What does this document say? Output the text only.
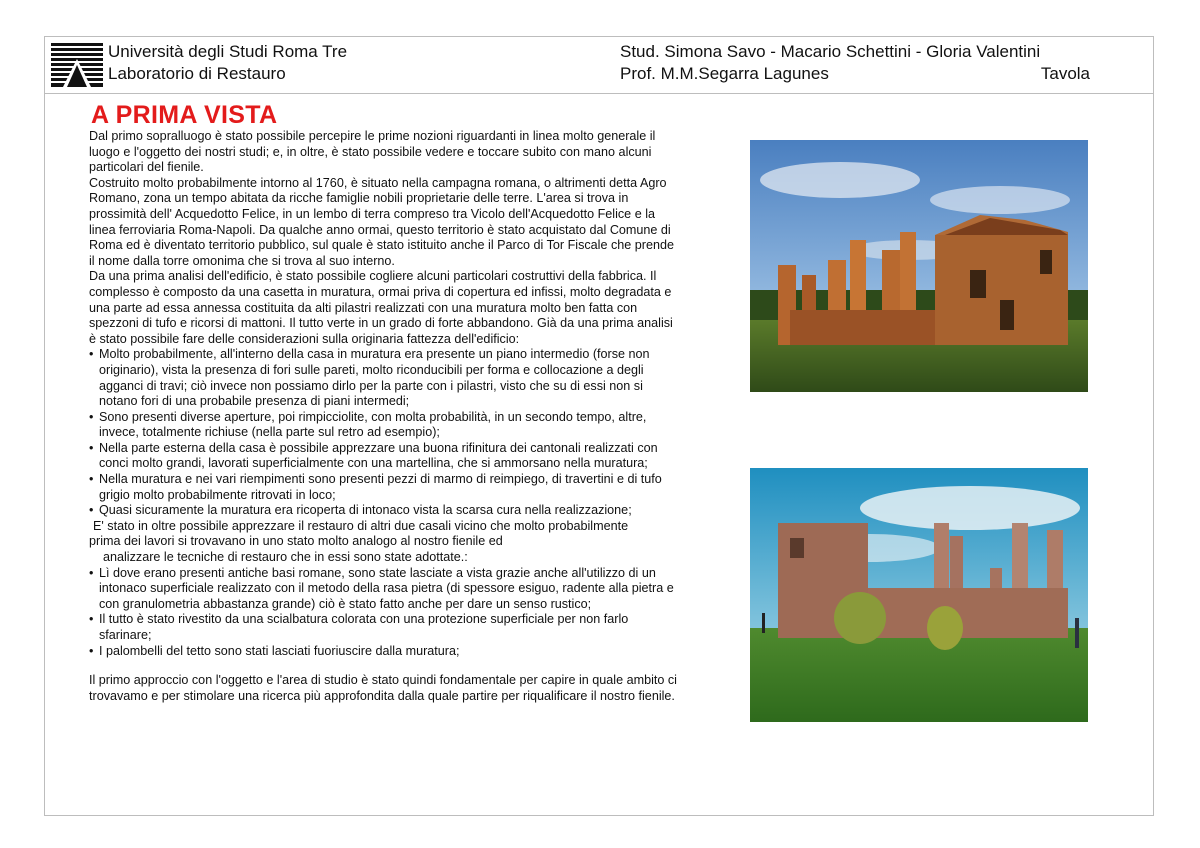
Università degli Studi Roma Tre
Laboratorio di Restauro
Stud. Simona Savo - Macario Schettini - Gloria Valentini
Prof. M.M.Segarra Lagunes	Tavola
A PRIMA VISTA

Dal primo sopralluogo è stato possibile percepire le prime nozioni riguardanti in linea molto generale il luogo e l'oggetto dei nostri studi; e, in oltre, è stato possibile vedere e toccare subito con mano alcuni particolari del fienile.

Costruito molto probabilmente intorno al 1760, è situato nella campagna romana, o altrimenti detta Agro Romano, zona un tempo abitata da ricche famiglie nobili proprietarie delle terre. L'area si trova in prossimità dell' Acquedotto Felice, in un lembo di terra compreso tra Vicolo dell'Acquedotto Felice e la linea ferroviaria Roma-Napoli. Da qualche anno ormai, questo territorio è stato acquistato dal Comune di Roma ed è diventato territorio pubblico, sul quale è stato istituito anche il Parco di Tor Fiscale che prende il nome dalla torre omonima che si trova al suo interno.

Da una prima analisi dell'edificio, è stato possibile cogliere alcuni particolari costruttivi della fabbrica. Il complesso è composto da una casetta in muratura, ormai priva di copertura ed infissi, molto degradata e una parte ad essa annessa costituita da alti pilastri realizzati con una muratura molto ben fatta con spezzoni di tufo e ricorsi di mattoni. Il tutto verte in un grado di forte abbandono. Già da una prima analisi è stato possibile fare delle considerazioni sulla originaria fattezza dell'edificio:

• Molto probabilmente, all'interno della casa in muratura era presente un piano intermedio (forse non originario), vista la presenza di fori sulle pareti, molto riconducibili per forma e collocazione a degli agganci di travi; ciò invece non possiamo dirlo per la parte con i pilastri, visto che su di essi non si notano fori di una probabile presenza di piani intermedi;
• Sono presenti diverse aperture, poi rimpicciolite, con molta probabilità, in un secondo tempo, altre, invece, totalmente richiuse (nella parte sul retro ad esempio);
• Nella parte esterna della casa è possibile apprezzare una buona rifinitura dei cantonali realizzati con conci molto grandi, lavorati superficialmente con una martellina, che si ammorsano nella muratura;
• Nella muratura e nei vari riempimenti sono presenti pezzi di marmo di reimpiego, di travertini e di tufo grigio molto probabilmente ritrovati in loco;
• Quasi sicuramente la muratura era ricoperta di intonaco vista la scarsa cura nella realizzazione;

E' stato in oltre possibile apprezzare il restauro di altri due casali vicino che molto probabilmente

prima dei lavori si trovavano in uno stato molto analogo al nostro fienile ed

analizzare le tecniche di restauro che in essi sono state adottate.:

• Lì dove erano presenti antiche basi romane, sono state lasciate a vista grazie anche all'utilizzo di un intonaco superficiale realizzato con il metodo della rasa pietra (di spessore esiguo, radente alla pietra e con granulometria abbastanza grande) ciò è stato fatto anche per dare un senso rustico;
• Il tutto è stato rivestito da una scialbatura colorata con una protezione superficiale per non farlo sfarinare;
• I palombelli del tetto sono stati lasciati fuoriuscire dalla muratura;

Il primo approccio con l'oggetto e l'area di studio è stato quindi fondamentale per capire in quale ambito ci trovavamo e per stimolare una ricerca più approfondita dalla quale partire per riqualificare il nostro fienile.
